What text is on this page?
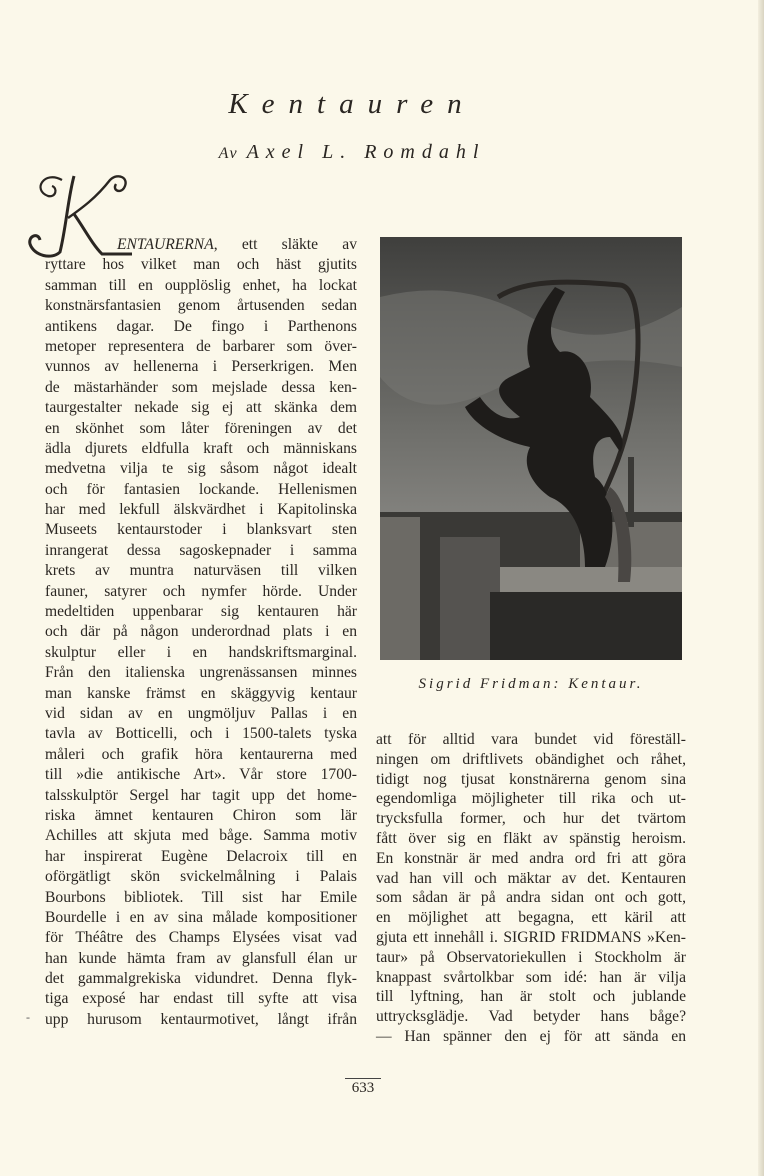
Kentauren
Av Axel L. Romdahl
K
ENTAURERNA, ett släkte av
ryttare hos vilket man och häst gjutits
samman till en oupplöslig enhet, ha lockat
konstnärsfantasien genom årtusenden sedan
antikens dagar. De fingo i Parthenons
metoper representera de barbarer som över-
vunnos av hellenerna i Perserkrigen. Men
de mästarhänder som mejslade dessa ken-
taurgestalter nekade sig ej att skänka dem
en skönhet som låter föreningen av det
ädla djurets eldfulla kraft och människans
medvetna vilja te sig såsom något idealt
och för fantasien lockande. Hellenismen
har med lekfull älskvärdhet i Kapitolinska
Museets kentaurstoder i blanksvart sten
inrangerat dessa sagoskepnader i samma
krets av muntra naturväsen till vilken
fauner, satyrer och nymfer hörde. Under
medeltiden uppenbarar sig kentauren här
och där på någon underordnad plats i en
skulptur eller i en handskriftsmarginal.
Från den italienska ungrenässansen minnes
man kanske främst en skäggyvig kentaur
vid sidan av en ungmöljuv Pallas i en
tavla av Botticelli, och i 1500-talets tyska
måleri och grafik höra kentaurerna med
till »die antikische Art». Vår store 1700-
talsskulptör Sergel har tagit upp det home-
riska ämnet kentauren Chiron som lär
Achilles att skjuta med båge. Samma motiv
har inspirerat Eugène Delacroix till en
oförgätligt skön svickelmålning i Palais
Bourbons bibliotek. Till sist har Emile
Bourdelle i en av sina målade kompositioner
för Théâtre des Champs Elysées visat vad
han kunde hämta fram av glansfull élan ur
det gammalgrekiska vidundret. Denna flyk-
tiga exposé har endast till syfte att visa
upp hurusom kentaurmotivet, långt ifrån
att för alltid vara bundet vid föreställ-
ningen om driftlivets obändighet och råhet,
tidigt nog tjusat konstnärerna genom sina
egendomliga möjligheter till rika och ut-
trycksfulla former, och hur det tvärtom
fått över sig en fläkt av spänstig heroism.
En konstnär är med andra ord fri att göra
vad han vill och mäktar av det. Kentauren
som sådan är på andra sidan ont och gott,
en möjlighet att begagna, ett käril att
gjuta ett innehåll i. SIGRID FRIDMANS »Ken-
taur» på Observatoriekullen i Stockholm är
knappast svårtolkbar som idé: han är vilja
till lyftning, han är stolt och jublande
uttrycksglädje. Vad betyder hans båge?
— Han spänner den ej för att sända en
Sigrid Fridman: Kentaur.
633
-
